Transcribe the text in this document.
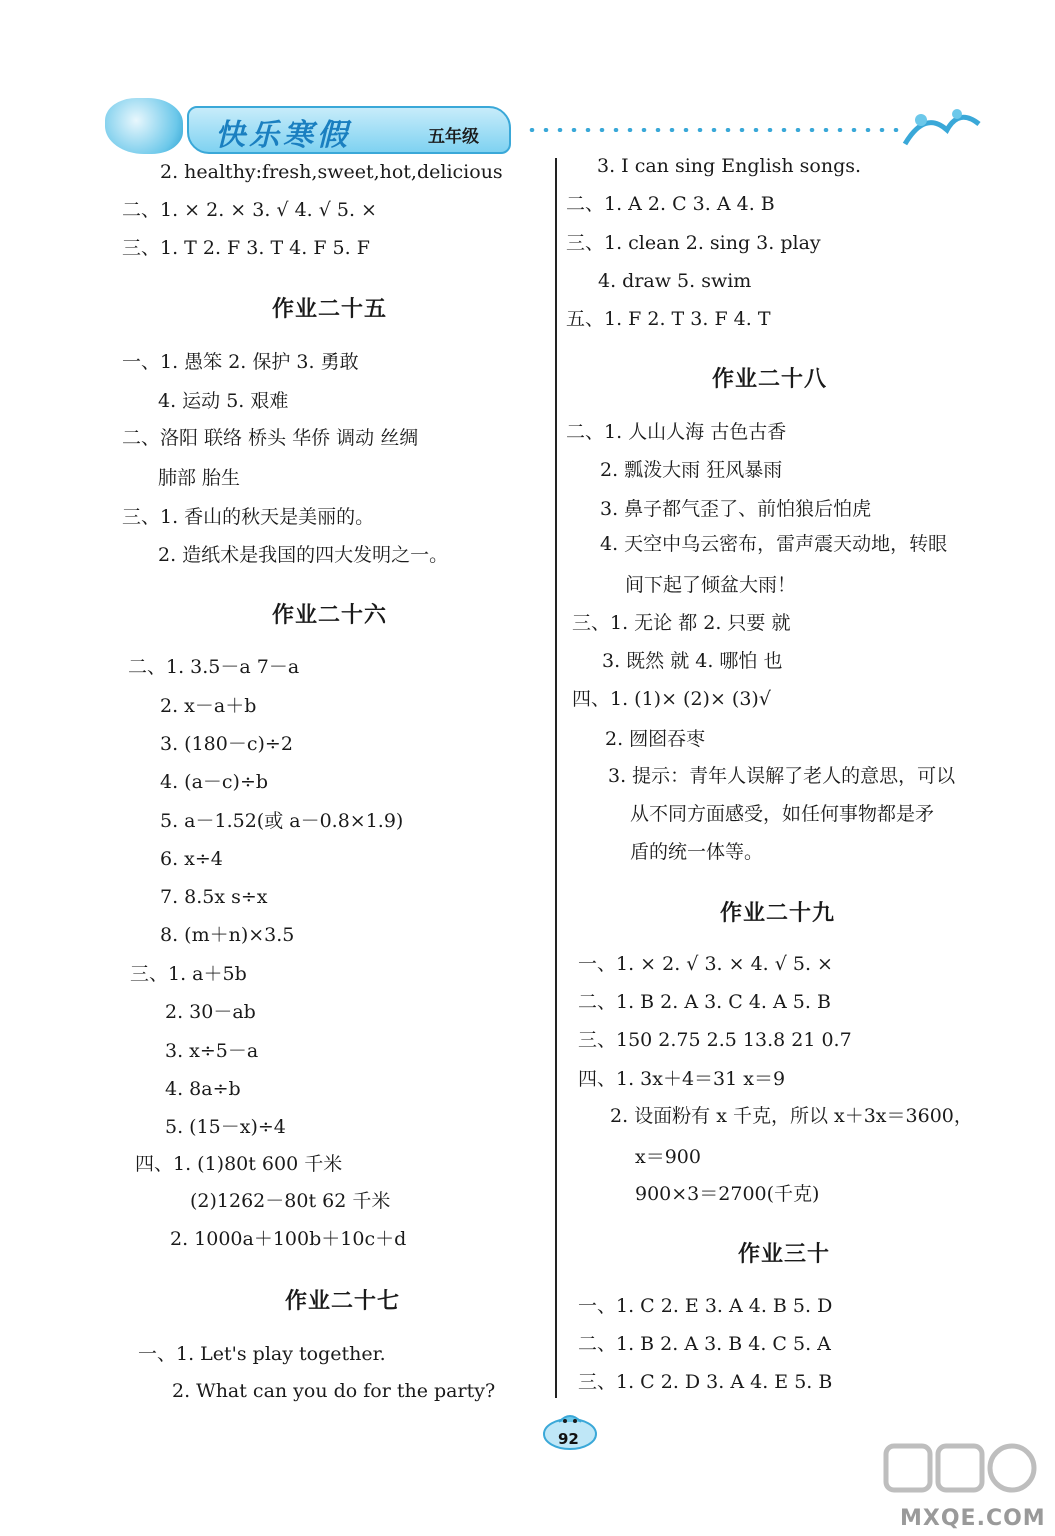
快乐寒假	五年级
2. healthy:fresh,sweet,hot,delicious
二、1. × 2. × 3. √ 4. √ 5. ×
三、1. T 2. F 3. T 4. F 5. F
作业二十五
一、1. 愚笨 2. 保护 3. 勇敢
4. 运动 5. 艰难
二、洛阳 联络 桥头 华侨 调动 丝绸
肺部 胎生
三、1. 香山的秋天是美丽的。
2. 造纸术是我国的四大发明之一。
作业二十六
二、1. 3.5－a 7－a
2. x－a＋b
3. (180－c)÷2
4. (a－c)÷b
5. a－1.52(或 a－0.8×1.9)
6. x÷4
7. 8.5x s÷x
8. (m＋n)×3.5
三、1. a＋5b
2. 30－ab
3. x÷5－a
4. 8a÷b
5. (15－x)÷4
四、1. (1)80t 600 千米
(2)1262－80t 62 千米
2. 1000a＋100b＋10c＋d
作业二十七
一、1. Let's play together.
2. What can you do for the party?
3. I can sing English songs.
二、1. A 2. C 3. A 4. B
三、1. clean 2. sing 3. play
4. draw 5. swim
五、1. F 2. T 3. F 4. T
作业二十八
二、1. 人山人海 古色古香
2. 瓢泼大雨 狂风暴雨
3. 鼻子都气歪了、前怕狼后怕虎
4. 天空中乌云密布，雷声震天动地，转眼
间下起了倾盆大雨！
三、1. 无论 都 2. 只要 就
3. 既然 就 4. 哪怕 也
四、1. (1)× (2)× (3)√
2. 囫囵吞枣
3. 提示：青年人误解了老人的意思，可以
从不同方面感受，如任何事物都是矛
盾的统一体等。
作业二十九
一、1. × 2. √ 3. × 4. √ 5. ×
二、1. B 2. A 3. C 4. A 5. B
三、150 2.75 2.5 13.8 21 0.7
四、1. 3x＋4＝31 x＝9
2. 设面粉有 x 千克，所以 x＋3x＝3600，
x＝900
900×3＝2700(千克)
作业三十
一、1. C 2. E 3. A 4. B 5. D
二、1. B 2. A 3. B 4. C 5. A
三、1. C 2. D 3. A 4. E 5. B
92
MXQE.COM
